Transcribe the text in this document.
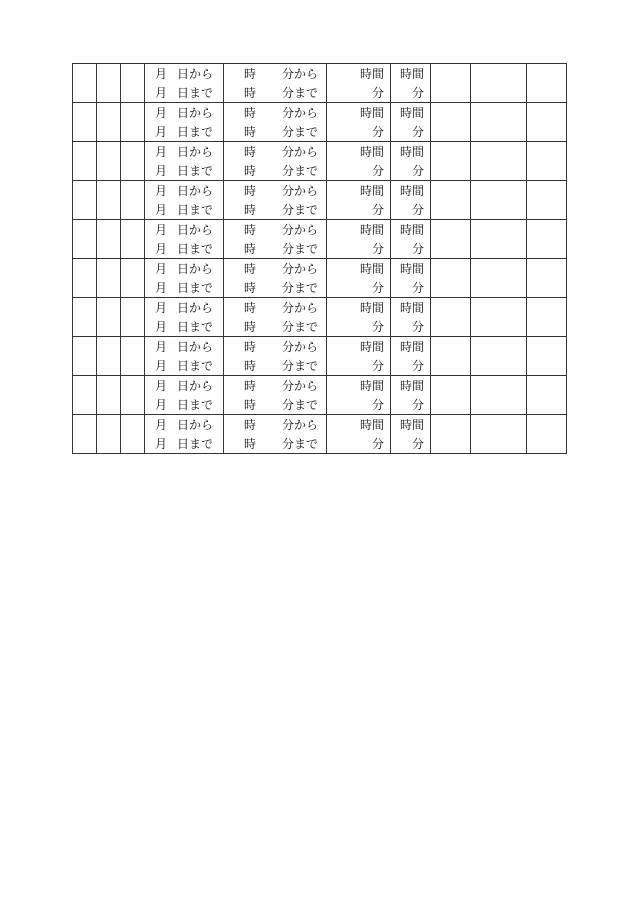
			月 日から	時 分から	時間	時間			

			月 日まで	時 分まで	分	分			

			月 日から	時 分から	時間	時間			

			月 日まで	時 分まで	分	分			

			月 日から	時 分から	時間	時間			

			月 日まで	時 分まで	分	分			

			月 日から	時 分から	時間	時間			

			月 日まで	時 分まで	分	分			

			月 日から	時 分から	時間	時間			

			月 日まで	時 分まで	分	分			

			月 日から	時 分から	時間	時間			

			月 日まで	時 分まで	分	分			

			月 日から	時 分から	時間	時間			

			月 日まで	時 分まで	分	分			

			月 日から	時 分から	時間	時間			

			月 日まで	時 分まで	分	分			

			月 日から	時 分から	時間	時間			

			月 日まで	時 分まで	分	分			

			月 日から	時 分から	時間	時間			

			月 日まで	時 分まで	分	分			
